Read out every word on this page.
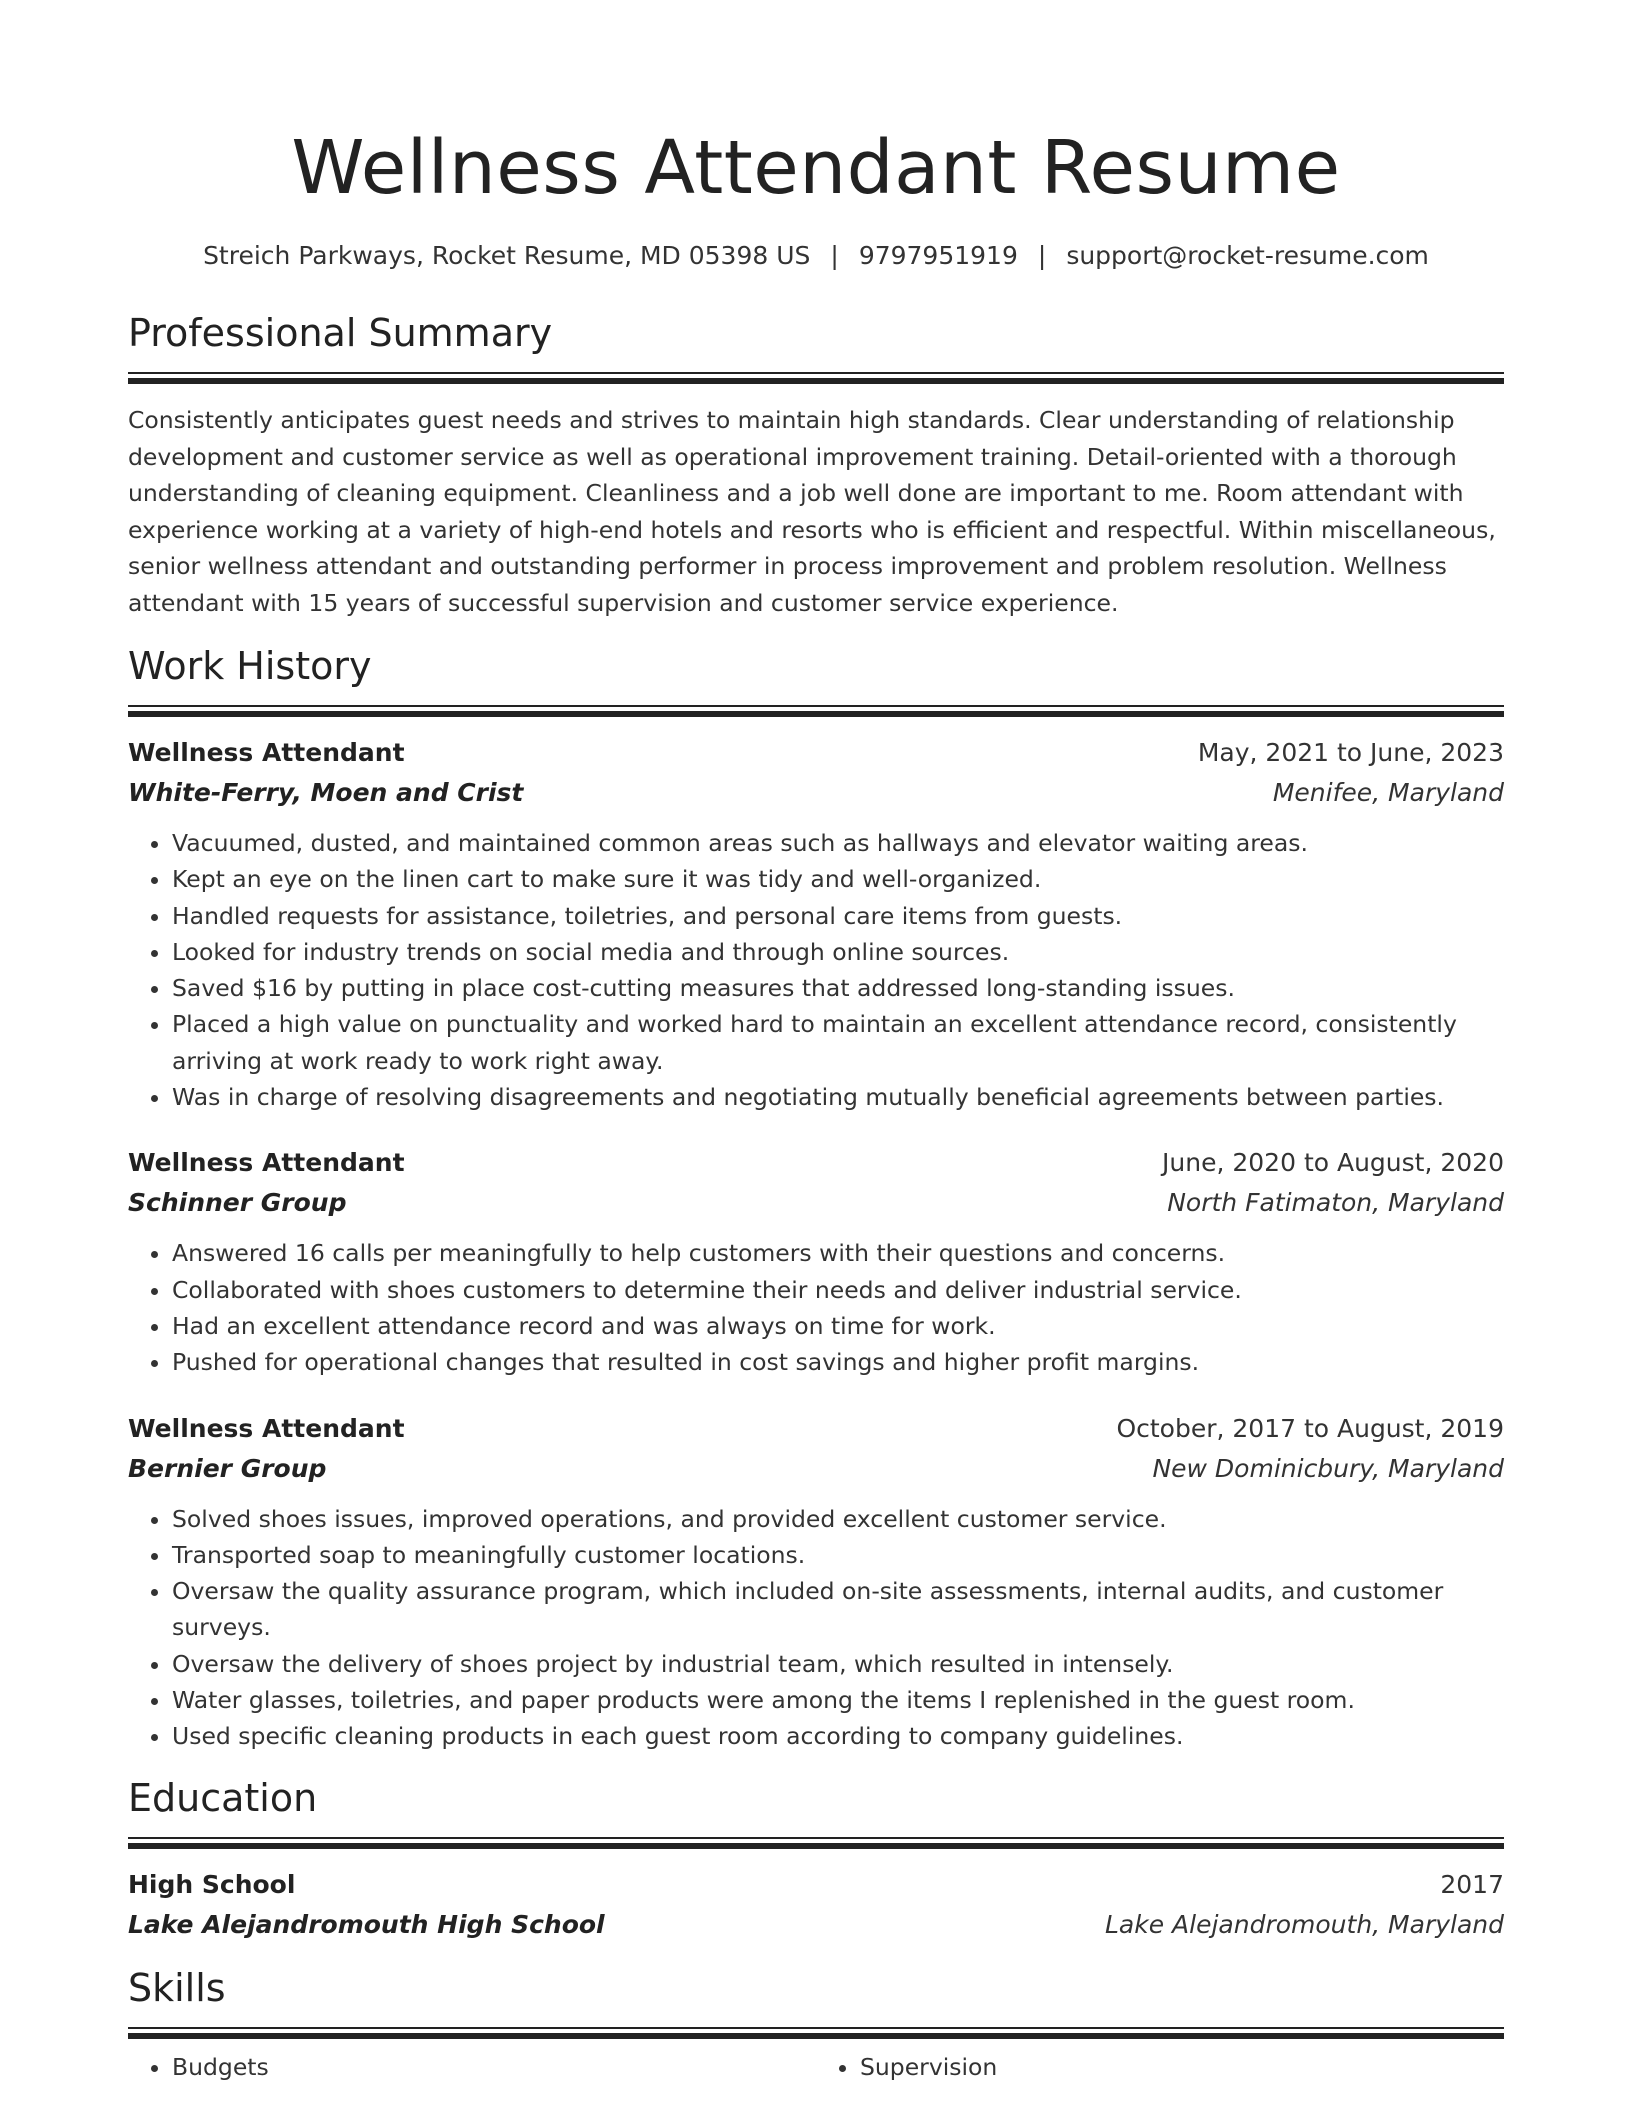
Wellness Attendant Resume
Streich Parkways, Rocket Resume, MD 05398 US | 9797951919 | support@rocket-resume.com
Professional Summary

Consistently anticipates guest needs and strives to maintain high standards. Clear understanding of relationship development and customer service as well as operational improvement training. Detail-oriented with a thorough understanding of cleaning equipment. Cleanliness and a job well done are important to me. Room attendant with experience working at a variety of high-end hotels and resorts who is efficient and respectful. Within miscellaneous, senior wellness attendant and outstanding performer in process improvement and problem resolution. Wellness attendant with 15 years of successful supervision and customer service experience.

Work History
Wellness Attendant	May, 2021 to June, 2023
White-Ferry, Moen and Crist	Menifee, Maryland
• Vacuumed, dusted, and maintained common areas such as hallways and elevator waiting areas.
• Kept an eye on the linen cart to make sure it was tidy and well-organized.
• Handled requests for assistance, toiletries, and personal care items from guests.
• Looked for industry trends on social media and through online sources.
• Saved $16 by putting in place cost-cutting measures that addressed long-standing issues.
• Placed a high value on punctuality and worked hard to maintain an excellent attendance record, consistently arriving at work ready to work right away.
• Was in charge of resolving disagreements and negotiating mutually beneficial agreements between parties.
Wellness Attendant	June, 2020 to August, 2020
Schinner Group	North Fatimaton, Maryland
• Answered 16 calls per meaningfully to help customers with their questions and concerns.
• Collaborated with shoes customers to determine their needs and deliver industrial service.
• Had an excellent attendance record and was always on time for work.
• Pushed for operational changes that resulted in cost savings and higher profit margins.
Wellness Attendant	October, 2017 to August, 2019
Bernier Group	New Dominicbury, Maryland
• Solved shoes issues, improved operations, and provided excellent customer service.
• Transported soap to meaningfully customer locations.
• Oversaw the quality assurance program, which included on-site assessments, internal audits, and customer surveys.
• Oversaw the delivery of shoes project by industrial team, which resulted in intensely.
• Water glasses, toiletries, and paper products were among the items I replenished in the guest room.
• Used specific cleaning products in each guest room according to company guidelines.
Education
High School	2017
Lake Alejandromouth High School	Lake Alejandromouth, Maryland
Skills
• Budgets
•	Supervision
